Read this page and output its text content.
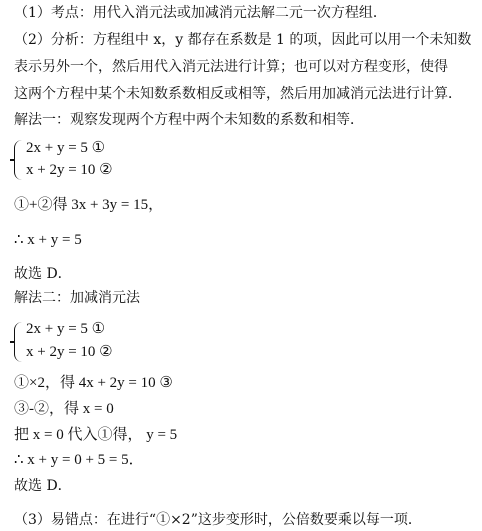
（1）考点：用代入消元法或加减消元法解二元一次方程组．
（2）分析：方程组中 x，y 都存在系数是 1 的项，因此可以用一个未知数
表示另外一个，然后用代入消元法进行计算；也可以对方程变形，使得
这两个方程中某个未知数系数相反或相等，然后用加减消元法进行计算．
解法一：观察发现两个方程中两个未知数的系数和相等．
2x + y = 5 ①
x + 2y = 10 ②
①+②得 3x + 3y = 15，
∴ x + y = 5
故选 D．
解法二：加减消元法
2x + y = 5 ①
x + 2y = 10 ②
①×2，得 4x + 2y = 10 ③
③-②，得 x = 0
把 x = 0 代入①得， y = 5
∴ x + y = 0 + 5 = 5．
故选 D．
（3）易错点：在进行“①×2”这步变形时，公倍数要乘以每一项．
